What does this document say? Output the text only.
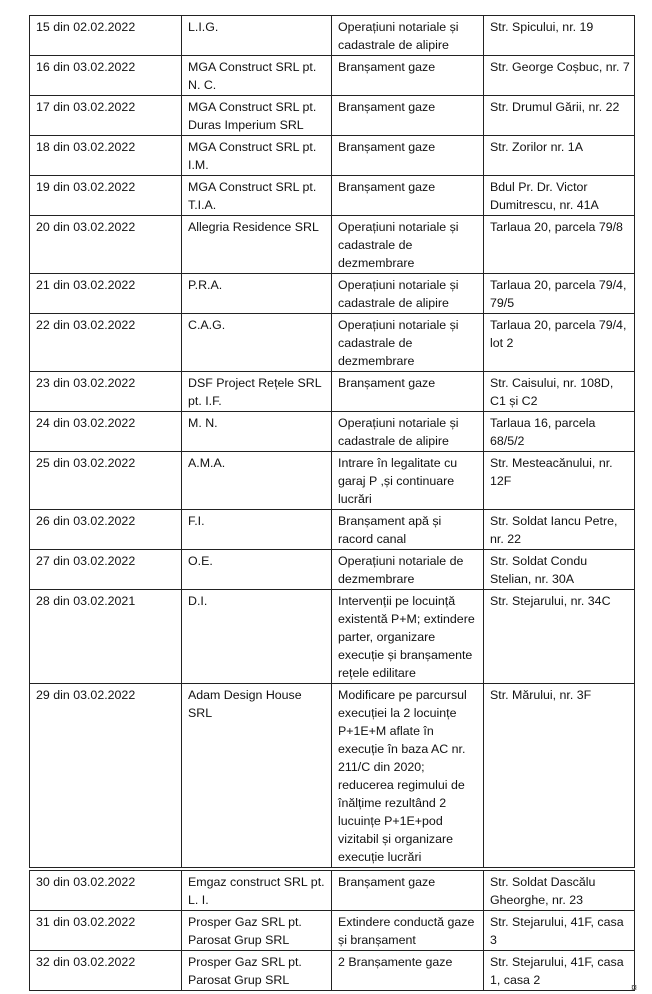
15 din 02.02.2022	L.I.G.	Operațiuni notariale și cadastrale de alipire	Str. Spicului, nr. 19
16 din 03.02.2022	MGA Construct SRL pt. N. C.	Branșament gaze	Str. George Coșbuc, nr. 7
17 din 03.02.2022	MGA Construct SRL pt. Duras Imperium SRL	Branșament gaze	Str. Drumul Gării, nr. 22
18 din 03.02.2022	MGA Construct SRL pt. I.M.	Branșament gaze	Str. Zorilor nr. 1A
19 din 03.02.2022	MGA Construct SRL pt. T.I.A.	Branșament gaze	Bdul Pr. Dr. Victor Dumitrescu, nr. 41A
20 din 03.02.2022	Allegria Residence SRL	Operațiuni notariale și cadastrale de dezmembrare	Tarlaua 20, parcela 79/8
21 din 03.02.2022	P.R.A.	Operațiuni notariale și cadastrale de alipire	Tarlaua 20, parcela 79/4, 79/5
22 din 03.02.2022	C.A.G.	Operațiuni notariale și cadastrale de dezmembrare	Tarlaua 20, parcela 79/4, lot 2
23 din 03.02.2022	DSF Project Rețele SRL pt. I.F.	Branșament gaze	Str. Caisului, nr. 108D, C1 și C2
24 din 03.02.2022	M. N.	Operațiuni notariale și cadastrale de alipire	Tarlaua 16, parcela 68/5/2
25 din 03.02.2022	A.M.A.	Intrare în legalitate cu garaj P ,și continuare lucrări	Str. Mesteacănului, nr. 12F
26 din 03.02.2022	F.I.	Branșament apă și racord canal	Str. Soldat Iancu Petre, nr. 22
27 din 03.02.2022	O.E.	Operațiuni notariale de dezmembrare	Str. Soldat Condu Stelian, nr. 30A
28 din 03.02.2021	D.I.	Intervenții pe locuință existentă P+M; extindere parter, organizare execuție și branșamente rețele edilitare	Str. Stejarului, nr. 34C
29 din 03.02.2022	Adam Design House SRL	Modificare pe parcursul execuției la 2 locuințe P+1E+M aflate în execuție în baza AC nr. 211/C din 2020; reducerea regimului de înălțime rezultând 2 lucuințe P+1E+pod vizitabil și organizare execuție lucrări	Str. Mărului, nr. 3F
30 din 03.02.2022	Emgaz construct SRL pt. L. I.	Branșament gaze	Str. Soldat Dascălu Gheorghe, nr. 23
31 din 03.02.2022	Prosper Gaz SRL pt. Parosat Grup SRL	Extindere conductă gaze și branșament	Str. Stejarului, 41F, casa 3
32 din 03.02.2022	Prosper Gaz SRL pt. Parosat Grup SRL	2 Branșamente gaze	Str. Stejarului, 41F, casa 1, casa 2
¤
